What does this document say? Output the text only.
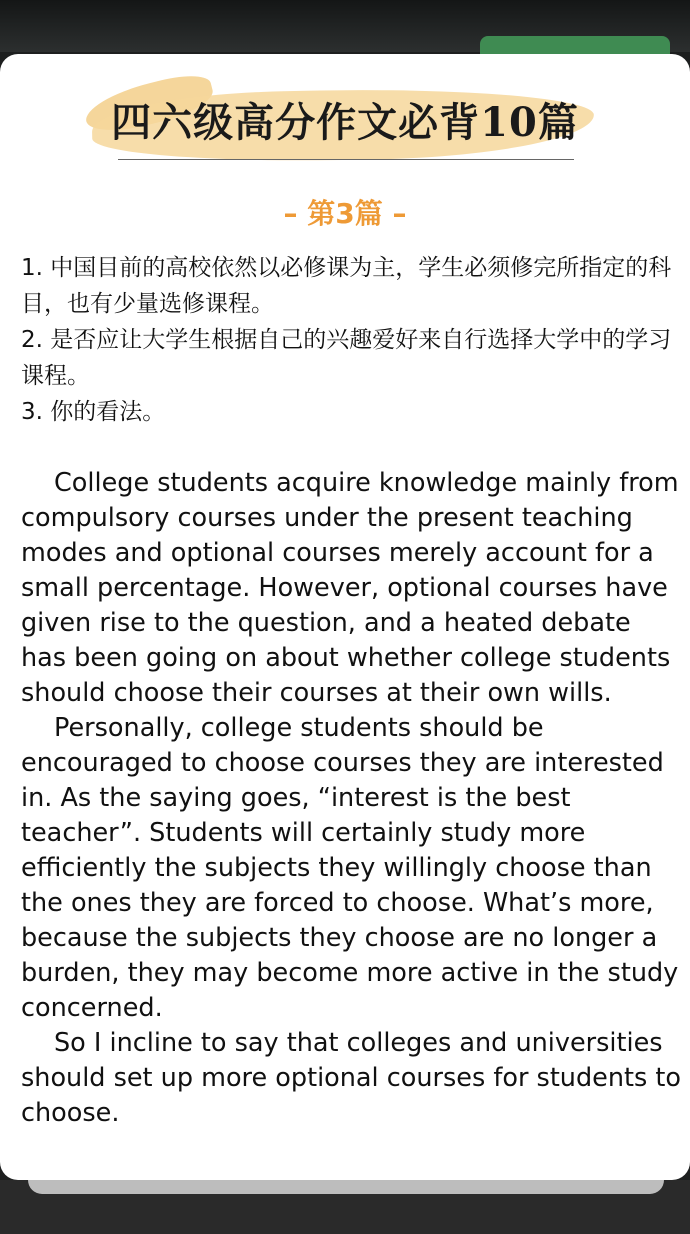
四六级高分作文必背10篇
– 第3篇 –

1. 中国目前的高校依然以必修课为主，学生必须修完所指定的科目，也有少量选修课程。

2. 是否应让大学生根据自己的兴趣爱好来自行选择大学中的学习课程。

3. 你的看法。

College students acquire knowledge mainly from compulsory courses under the present teaching modes and optional courses merely account for a small percentage. However, optional courses have given rise to the question, and a heated debate has been going on about whether college students should choose their courses at their own wills.

Personally, college students should be encouraged to choose courses they are interested in. As the saying goes, “interest is the best teacher”. Students will certainly study more efficiently the subjects they willingly choose than the ones they are forced to choose. What’s more, because the subjects they choose are no longer a burden, they may become more active in the study concerned.

So I incline to say that colleges and universities should set up more optional courses for students to choose.
